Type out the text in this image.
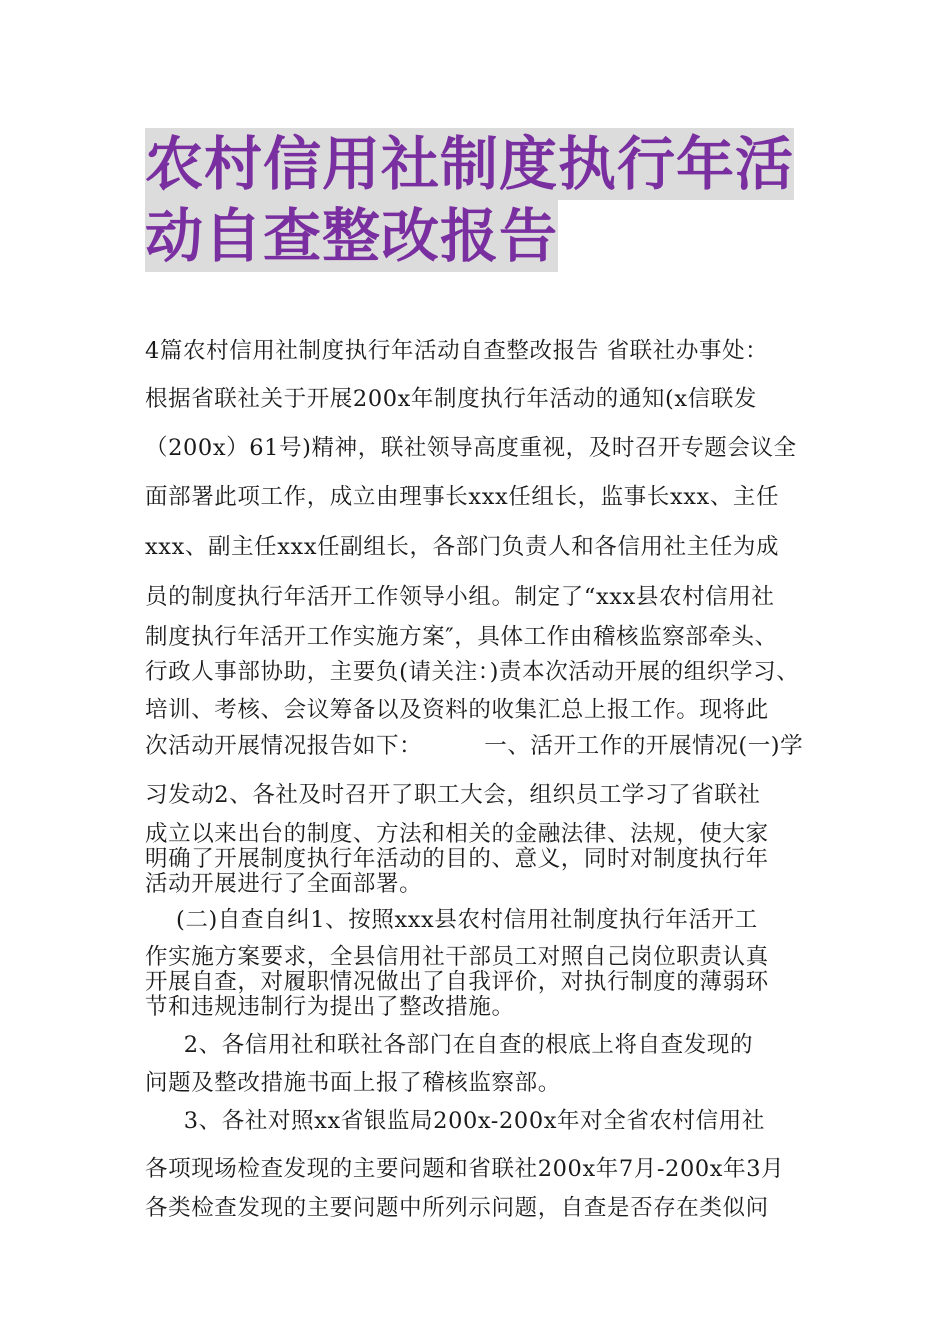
农村信用社制度执行年活
动自查整改报告
4篇农村信用社制度执行年活动自查整改报告 省联社办事处：
根据省联社关于开展200x年制度执行年活动的通知(x信联发
（200x）61号)精神，联社领导高度重视，及时召开专题会议全
面部署此项工作，成立由理事长xxx任组长，监事长xxx、主任
xxx、副主任xxx任副组长，各部门负责人和各信用社主任为成
员的制度执行年活开工作领导小组。制定了“xxx县农村信用社
制度执行年活开工作实施方案″，具体工作由稽核监察部牵头、
行政人事部协助，主要负(请关注：)责本次活动开展的组织学习、
培训、考核、会议筹备以及资料的收集汇总上报工作。现将此
次活动开展情况报告如下：        一、活开工作的开展情况(一)学
习发动2、各社及时召开了职工大会，组织员工学习了省联社
成立以来出台的制度、方法和相关的金融法律、法规，使大家
明确了开展制度执行年活动的目的、意义，同时对制度执行年
活动开展进行了全面部署。
(二)自查自纠1、按照xxx县农村信用社制度执行年活开工
作实施方案要求，全县信用社干部员工对照自己岗位职责认真
开展自查，对履职情况做出了自我评价，对执行制度的薄弱环
节和违规违制行为提出了整改措施。
2、各信用社和联社各部门在自查的根底上将自查发现的
问题及整改措施书面上报了稽核监察部。
3、各社对照xx省银监局200x-200x年对全省农村信用社
各项现场检查发现的主要问题和省联社200x年7月-200x年3月
各类检查发现的主要问题中所列示问题，自查是否存在类似问
